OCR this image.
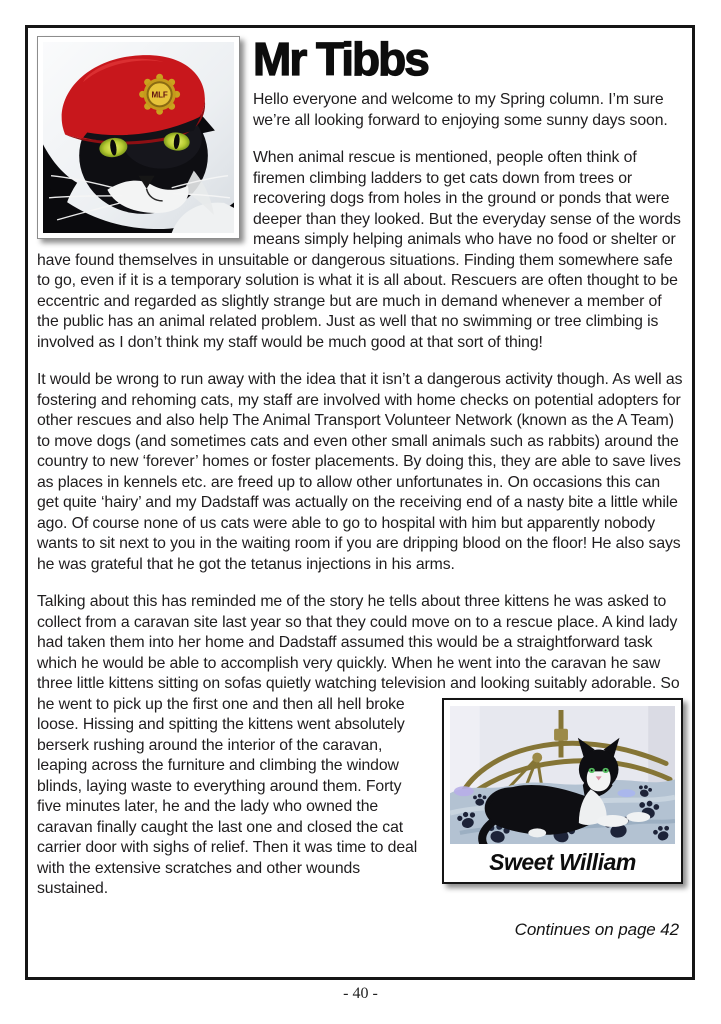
MLF
Mr Tibbs

Hello everyone and welcome to my Spring column. I’m sure we’re all looking forward to enjoying some sunny days soon.

When animal rescue is mentioned, people often think of firemen climbing ladders to get cats down from trees or recovering dogs from holes in the ground or ponds that were deeper than they looked. But the everyday sense of the words means simply helping animals who have no food or shelter or have found themselves in unsuitable or dangerous situations. Finding them somewhere safe to go, even if it is a temporary solution is what it is all about. Rescuers are often thought to be eccentric and regarded as slightly strange but are much in demand whenever a member of the public has an animal related problem. Just as well that no swimming or tree climbing is involved as I don’t think my staff would be much good at that sort of thing!

It would be wrong to run away with the idea that it isn’t a dangerous activity though. As well as fostering and rehoming cats, my staff are involved with home checks on potential adopters for other rescues and also help The Animal Transport Volunteer Network (known as the A Team) to move dogs (and sometimes cats and even other small animals such as rabbits) around the country to new ‘forever’ homes or foster placements. By doing this, they are able to save lives as places in kennels etc. are freed up to allow other unfortunates in. On occasions this can get quite ‘hairy’ and my Dadstaff was actually on the receiving end of a nasty bite a little while ago. Of course none of us cats were able to go to hospital with him but apparently nobody wants to sit next to you in the waiting room if you are dripping blood on the floor! He also says he was grateful that he got the tetanus injections in his arms.

Talking about this has reminded me of the story he tells about three kittens he was asked to collect from a caravan site last year so that they could move on to a rescue place. A kind lady had taken them into her home and Dadstaff assumed this would be a straightforward task which he would be able to accomplish very quickly. When he went into the caravan he saw three little kittens sitting on sofas quietly watching television and looking suitably
Sweet William
adorable. So he went to pick up the first one and then all hell broke loose. Hissing and spitting the kittens went absolutely berserk rushing around the interior of the caravan, leaping across the furniture and climbing the window blinds, laying waste to everything around them. Forty five minutes later, he and the lady who owned the caravan finally caught the last one and closed the cat carrier door with sighs of relief. Then it was time to deal with the extensive scratches and other wounds sustained.

Continues on page 42
- 40 -
